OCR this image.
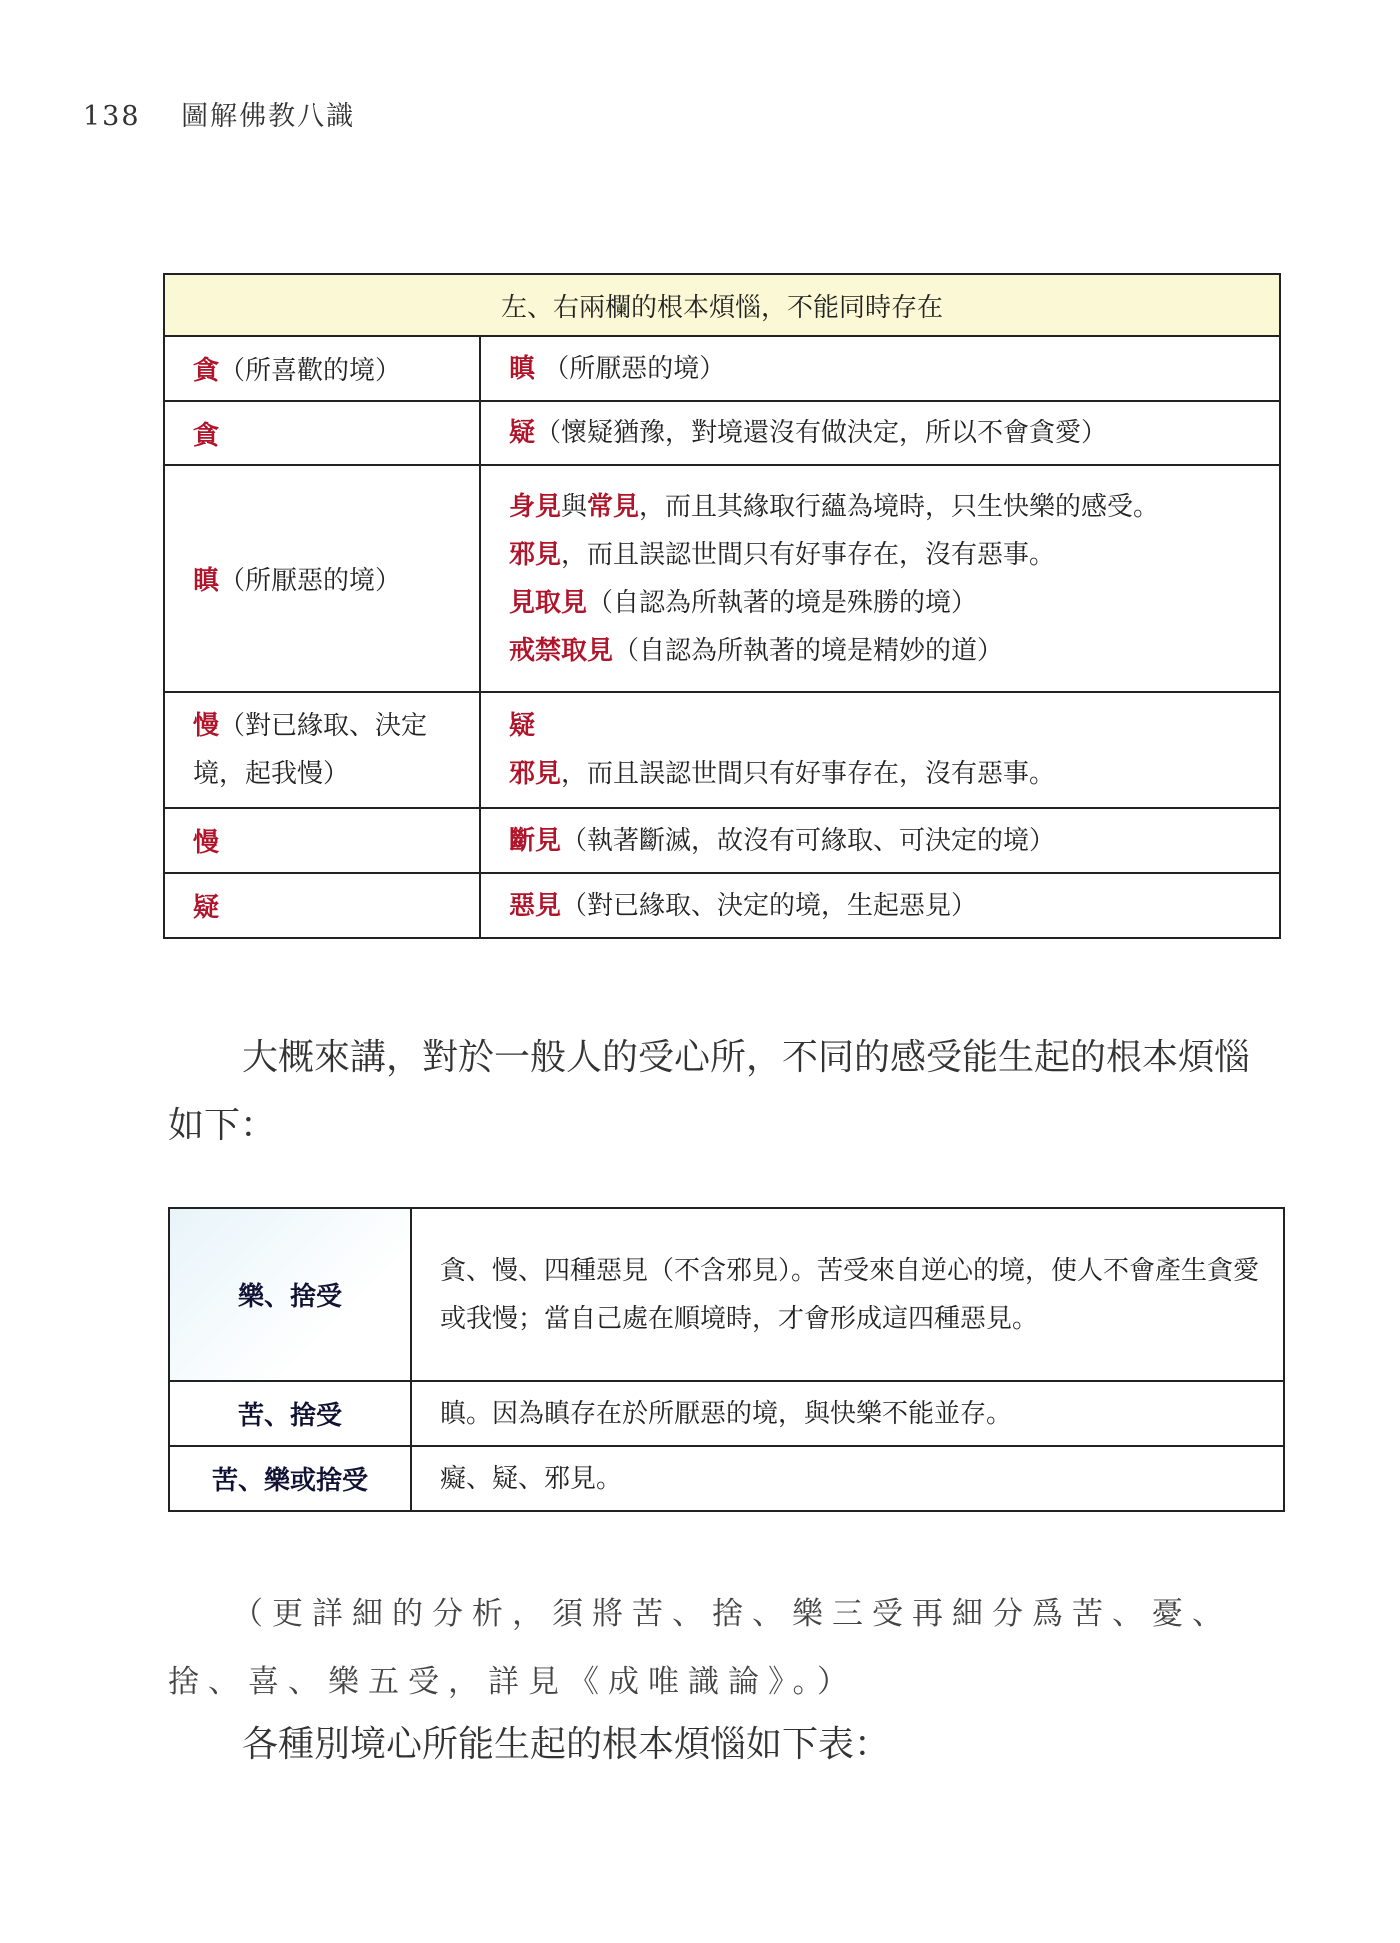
138 圖解佛教八識
左、右兩欄的根本煩惱，不能同時存在	
貪（所喜歡的境）	瞋 （所厭惡的境）

貪	疑（懷疑猶豫，對境還沒有做決定，所以不會貪愛）

瞋（所厭惡的境）	身見與常見，而且其緣取行蘊為境時，只生快樂的感受。
邪見，而且誤認世間只有好事存在，沒有惡事。
見取見（自認為所執著的境是殊勝的境）
戒禁取見（自認為所執著的境是精妙的道）

慢（對已緣取、決定境，起我慢）	疑
邪見，而且誤認世間只有好事存在，沒有惡事。

慢	斷見（執著斷滅，故沒有可緣取、可決定的境）

疑	惡見（對已緣取、決定的境，生起惡見）
大概來講，對於一般人的受心所，不同的感受能生起的根本煩惱如下：
樂、捨受	貪、慢、四種惡見（不含邪見）。苦受來自逆心的境，使人不會產生貪愛或我慢；當自己處在順境時，才會形成這四種惡見。
苦、捨受	瞋。因為瞋存在於所厭惡的境，與快樂不能並存。
苦、樂或捨受	癡、疑、邪見。
（更詳細的分析，須將苦、捨、樂三受再細分爲苦、憂、捨、喜、樂五受，詳見《成唯識論》。）
各種別境心所能生起的根本煩惱如下表：
